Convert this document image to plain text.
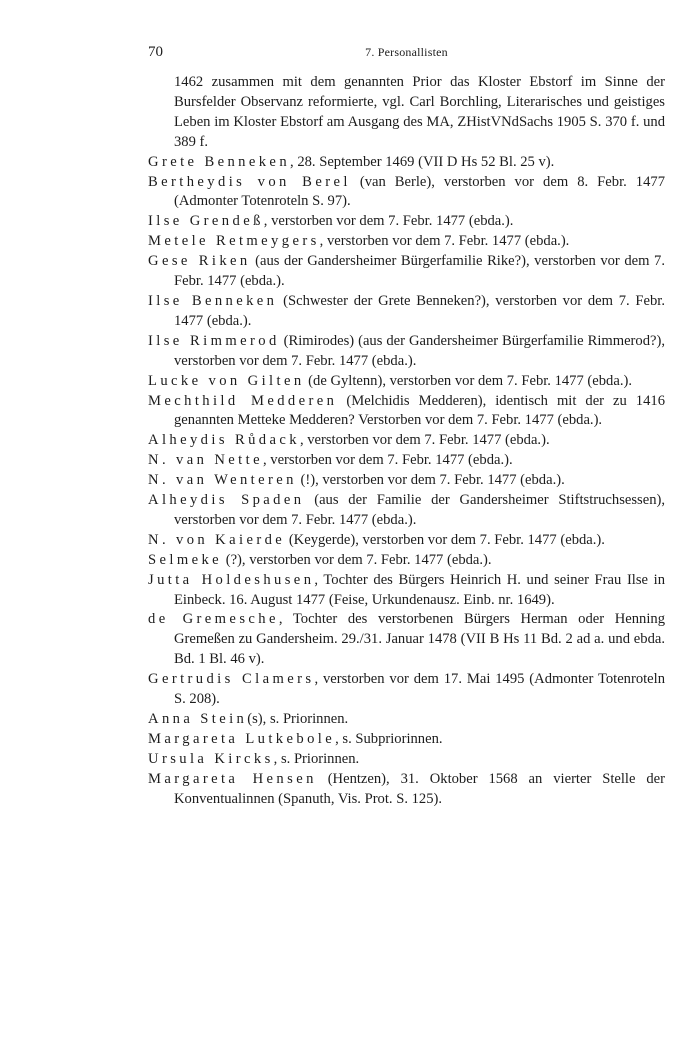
70	7. Personallisten

1462 zusammen mit dem genannten Prior das Kloster Ebstorf im Sinne der Bursfelder Observanz reformierte, vgl. Carl Borchling, Literarisches und geistiges Leben im Kloster Ebstorf am Ausgang des MA, ZHistVNdSachs 1905 S. 370 f. und 389 f.

Grete Benneken, 28. September 1469 (VII D Hs 52 Bl. 25 v).

Bertheydis von Berel (van Berle), verstorben vor dem 8. Febr. 1477 (Admonter Totenroteln S. 97).

Ilse Grendeß, verstorben vor dem 7. Febr. 1477 (ebda.).

Metele Retmeygers, verstorben vor dem 7. Febr. 1477 (ebda.).

Gese Riken (aus der Gandersheimer Bürgerfamilie Rike?), verstorben vor dem 7. Febr. 1477 (ebda.).

Ilse Benneken (Schwester der Grete Benneken?), verstorben vor dem 7. Febr. 1477 (ebda.).

Ilse Rimmerod (Rimirodes) (aus der Gandersheimer Bürgerfamilie Rimmerod?), verstorben vor dem 7. Febr. 1477 (ebda.).

Lucke von Gilten (de Gyltenn), verstorben vor dem 7. Febr. 1477 (ebda.).

Mechthild Medderen (Melchidis Medderen), identisch mit der zu 1416 genannten Metteke Medderen? Verstorben vor dem 7. Febr. 1477 (ebda.).

Alheydis Růdack, verstorben vor dem 7. Febr. 1477 (ebda.).

N. van Nette, verstorben vor dem 7. Febr. 1477 (ebda.).

N. van Wenteren (!), verstorben vor dem 7. Febr. 1477 (ebda.).

Alheydis Spaden (aus der Familie der Gandersheimer Stiftstruchsessen), verstorben vor dem 7. Febr. 1477 (ebda.).

N. von Kaierde (Keygerde), verstorben vor dem 7. Febr. 1477 (ebda.).

Selmeke (?), verstorben vor dem 7. Febr. 1477 (ebda.).

Jutta Holdeshusen, Tochter des Bürgers Heinrich H. und seiner Frau Ilse in Einbeck. 16. August 1477 (Feise, Urkundenausz. Einb. nr. 1649).

de Gremesche, Tochter des verstorbenen Bürgers Herman oder Henning Gremeßen zu Gandersheim. 29./31. Januar 1478 (VII B Hs 11 Bd. 2 ad a. und ebda. Bd. 1 Bl. 46 v).

Gertrudis Clamers, verstorben vor dem 17. Mai 1495 (Admonter Totenroteln S. 208).

Anna Stein(s), s. Priorinnen.

Margareta Lutkebole, s. Subpriorinnen.

Ursula Kircks, s. Priorinnen.

Margareta Hensen (Hentzen), 31. Oktober 1568 an vierter Stelle der Konventualinnen (Spanuth, Vis. Prot. S. 125).
